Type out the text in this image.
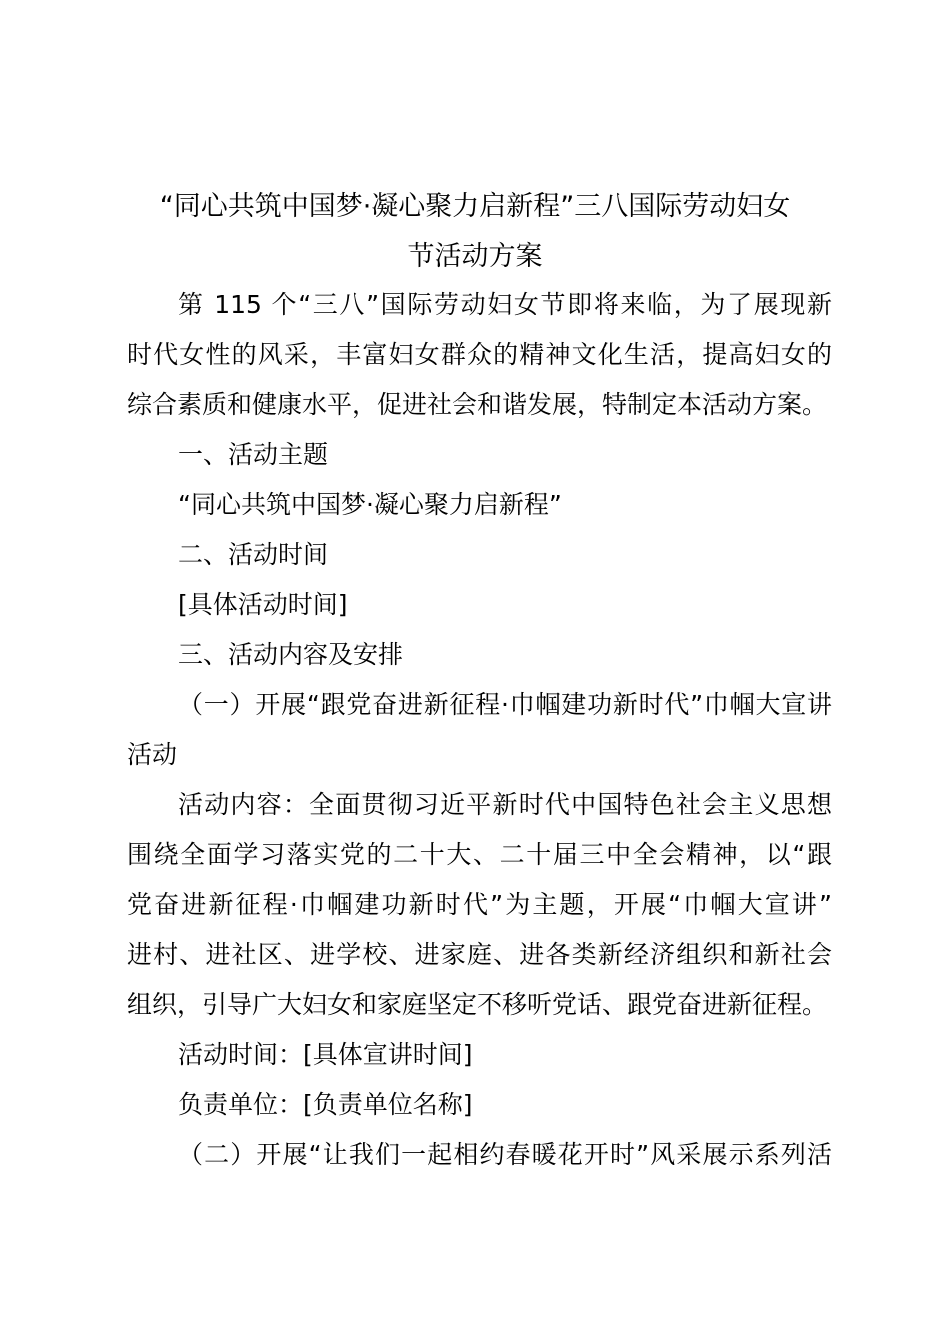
“同心共筑中国梦·凝心聚力启新程”三八国际劳动妇女
节活动方案
第 115 个“三八”国际劳动妇女节即将来临，为了展现新
时代女性的风采，丰富妇女群众的精神文化生活，提高妇女的
综合素质和健康水平，促进社会和谐发展，特制定本活动方案。
一、活动主题
“同心共筑中国梦·凝心聚力启新程”
二、活动时间
[具体活动时间]
三、活动内容及安排
（一）开展“跟党奋进新征程·巾帼建功新时代”巾帼大宣讲
活动
活动内容：全面贯彻习近平新时代中国特色社会主义思想
围绕全面学习落实党的二十大、二十届三中全会精神，以“跟
党奋进新征程·巾帼建功新时代”为主题，开展“巾帼大宣讲”
进村、进社区、进学校、进家庭、进各类新经济组织和新社会
组织，引导广大妇女和家庭坚定不移听党话、跟党奋进新征程。
活动时间：[具体宣讲时间]
负责单位：[负责单位名称]
（二）开展“让我们一起相约春暖花开时”风采展示系列活
